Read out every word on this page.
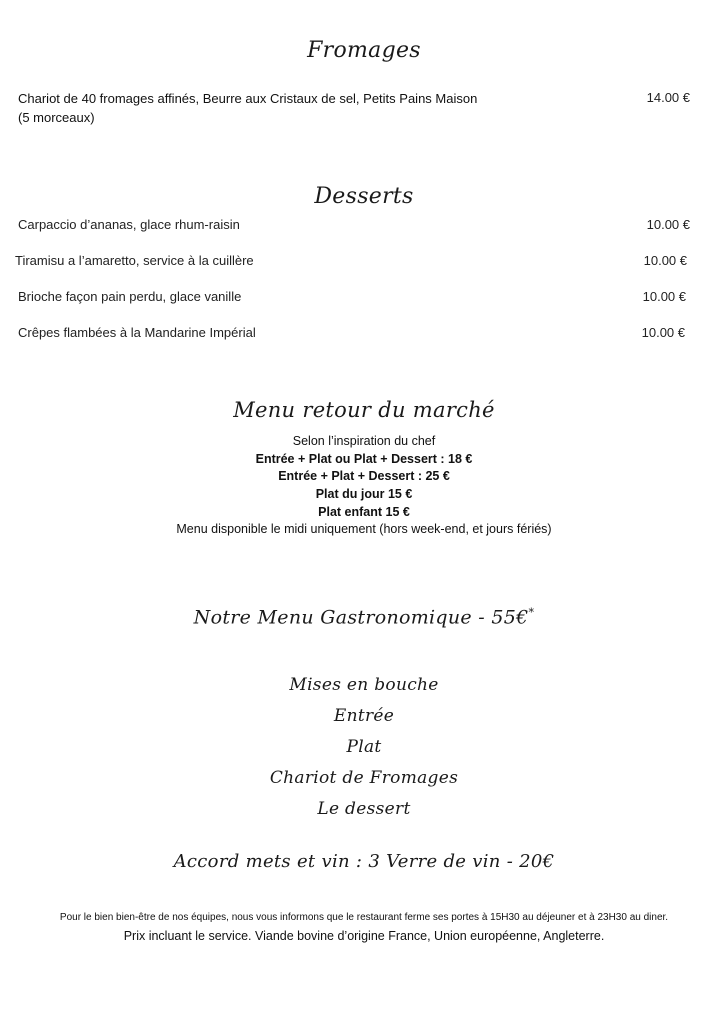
Fromages
Chariot de 40 fromages affinés, Beurre aux Cristaux de sel, Petits Pains Maison
(5 morceaux)
14.00 €
Desserts
Carpaccio d’ananas, glace rhum-raisin	10.00 €
Tiramisu a l’amaretto, service à la cuillère	10.00 €
Brioche façon pain perdu, glace vanille	10.00 €
Crêpes flambées à la Mandarine Impérial	10.00 €
Menu retour du marché
Selon l’inspiration du chef
Entrée + Plat ou Plat + Dessert : 18 €
Entrée + Plat + Dessert : 25 €
Plat du jour 15 €
Plat enfant 15 €
Menu disponible le midi uniquement (hors week-end, et jours fériés)
Notre Menu Gastronomique - 55€*
Mises en bouche
Entrée
Plat
Chariot de Fromages
Le dessert
Accord mets et vin : 3 Verre de vin - 20€
Pour le bien bien-être de nos équipes, nous vous informons que le restaurant ferme ses portes à 15H30 au déjeuner et à 23H30 au diner.
Prix incluant le service. Viande bovine d’origine France, Union européenne, Angleterre.
